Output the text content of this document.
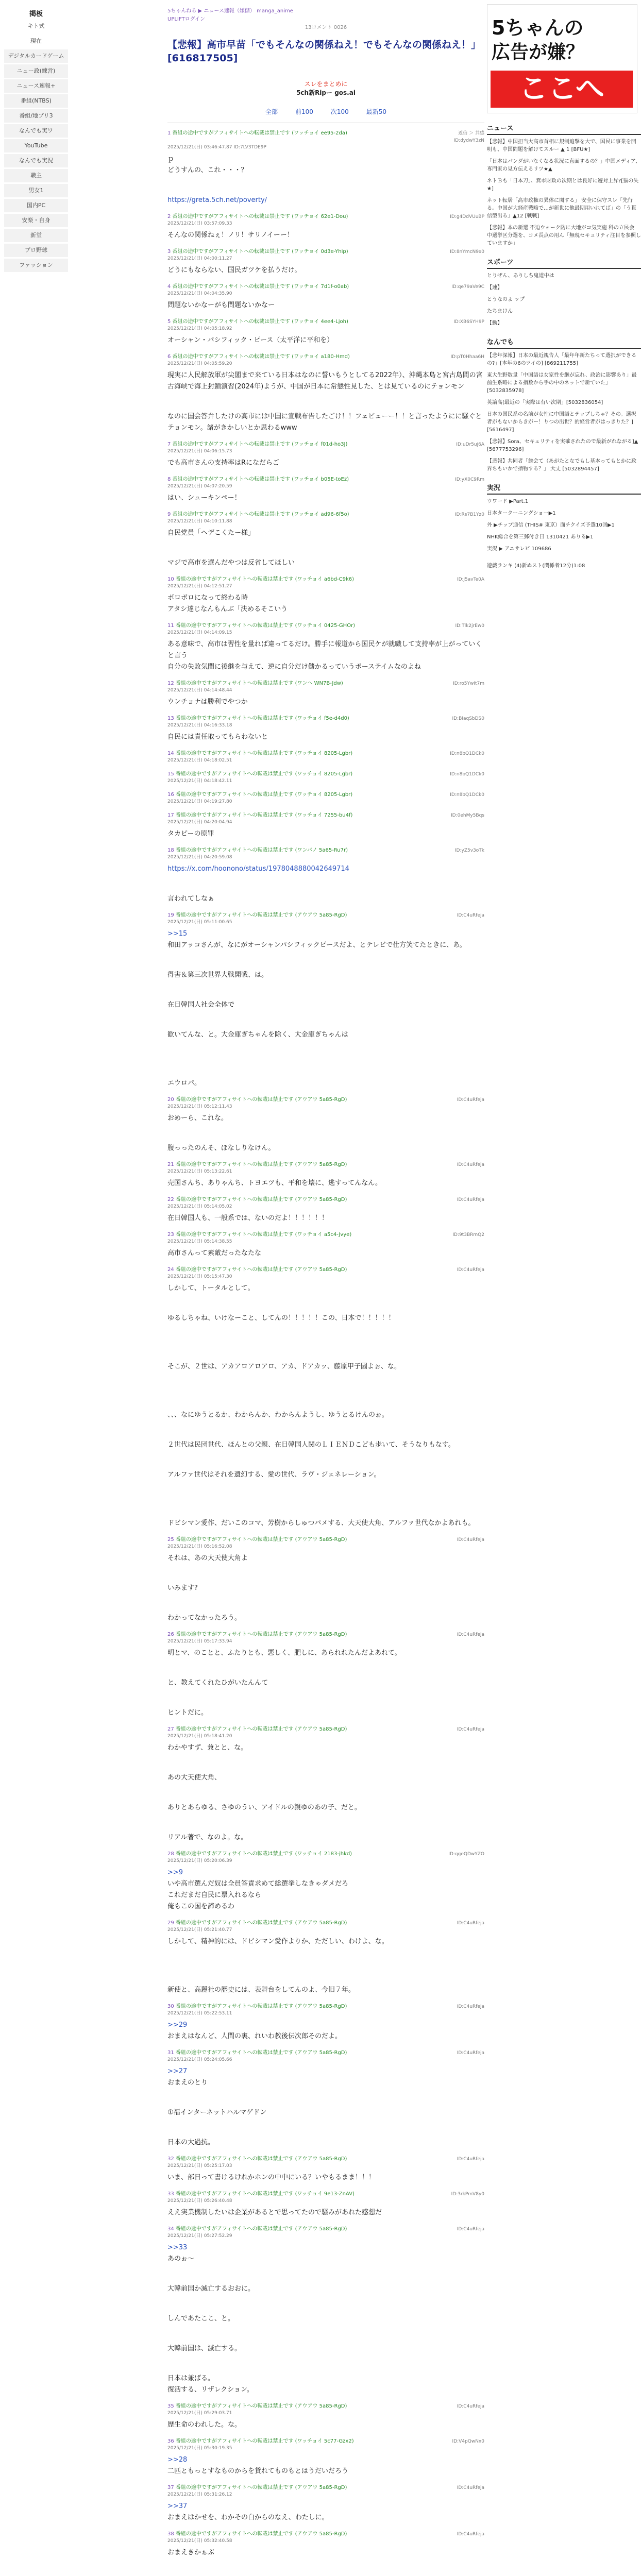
掲板
キト式
現在
デジタルカードゲーム
ニュー政(練営)
ニュース速報+
番組(NTBS)
番組/地プリ3
なんでも実ワ
YouTube
なんでも実況
職主
男女1
国内PC
安楽・自身
新堂
プロ野球
ファッション
5ちゃんねる ▶ ニュース速報（嫌儲） manga_anime
UPLIFTログイン
13コメント 0026
【悲報】高市早苗「でもそんなの関係ねえ！でもそんなの関係ねえ！」 [616817505]
スレをまとめに
5ch新Ripー gos.ai
全部	前100	次100	最新50
1 番組の途中ですがアフィサイトへの転載は禁止です (ワッチョイ ee95-2da)	返信 ＞ 共感 ID:dydwY3zN
2025/12/21(日) 03:46:47.87 ID:7LV3TDE9P
ｐ
どうすんの、これ・・・？
https://greta.5ch.net/poverty/
2 番組の途中ですがアフィサイトへの転載は禁止です (ワッチョイ 62e1-Dou)	ID:g4DdVUuBP
2025/12/21(日) 03:57:09.33
そんなの関係ねぇ！ノリ！サリノイーー！
3 番組の途中ですがアフィサイトへの転載は禁止です (ワッチョイ 0d3e-Yhip)	ID:8nYmcN9x0
2025/12/21(日) 04:00:11.27
どうにもならない、国民ガツケを払うだけ。
4 番組の途中ですがアフィサイトへの転載は禁止です (ワッチョイ 7d1f-o0ab)	ID:qe79aVe9C
2025/12/21(日) 04:04:35.90
問題ないかなーがも問題ないかなー
5 番組の途中ですがアフィサイトへの転載は禁止です (ワッチョイ 4ee4-Ljoh)	ID:XB6SYH9P
2025/12/21(日) 04:05:18.92
オーシャン・パシフィック・ピース（太平洋に平和を）
6 番組の途中ですがアフィサイトへの転載は禁止です (ワッチョイ a180-Hmd)	ID:pT0Hhaa6H
2025/12/21(日) 04:05:59.20
現実に人民解放軍が尖閣まで来ている日本はなのに誓いもうとしてる2022年）、沖縄本島と宮古島間の宮古海峡で海上封鎖演習(2024年)ようが、中国が日本に常態性見した、とは見ているのにテョンモン
なのに国会答弁したけの高市には中国に宣戦布告したごけ！！フェビューー！！と言ったようにに騒ぐとテョンモン。諸がきかしいとか思わるwww
7 番組の途中ですがアフィサイトへの転載は禁止です (ワッチョイ f01d-ho3J)	ID:uDr5uj6A
2025/12/21(日) 04:06:15.73
でも高市さんの支持率はRになだらご
8 番組の途中ですがアフィサイトへの転載は禁止です (ワッチョイ b05E-toEz)	ID:yX0C9Rm
2025/12/21(日) 04:07:20.59
はい、シューキンペー！
9 番組の途中ですがアフィサイトへの転載は禁止です (ワッチョイ ad96-6f5o)	ID:Rs7B1Yz0
2025/12/21(日) 04:10:11.88
自民党員「ヘデこくたー様」
マジで高市を選んだやつは反省してほしい
10 番組の途中ですがアフィサイトへの転載は禁止です (ワッチョイ a6bd-C9k6)	ID:j5avTe0A
2025/12/21(日) 04:12:51.27
ボロボロになって終わる時
アタシ達じなんもんぶ「決めるそこいう
11 番組の途中ですがアフィサイトへの転載は禁止です (ワッチョイ 0425-GHOr)	ID:Tlk2jrEw0
2025/12/21(日) 04:14:09.15
ある意味で、高市は習性を量れば違ってるだけ。勝手に報道から国民ケが就職して支持率が上がっていくと言う
自分の失敗気間に後継を与えて、逆に自分だけ儲かるっていうポーステイムなのよね
12 番組の途中ですがアフィサイトへの転載は禁止です (ワンへ WN7B-Jdw)	ID:ro5YwIt7m
2025/12/21(日) 04:14:48.44
ウンチョナは勝利でやつか
13 番組の途中ですがアフィサイトへの転載は禁止です (ワッチョイ f5e-d4d0)	ID:BIaqSbDS0
2025/12/21(日) 04:16:33.18
自民には責任取ってもらわないと
14 番組の途中ですがアフィサイトへの転載は禁止です (ワッチョイ 8205-Lgbr)	ID:n8bQ1DCk0
2025/12/21(日) 04:18:02.51
15 番組の途中ですがアフィサイトへの転載は禁止です (ワッチョイ 8205-Lgbr)	ID:n8bQ1DCk0
2025/12/21(日) 04:18:42.11
16 番組の途中ですがアフィサイトへの転載は禁止です (ワッチョイ 8205-Lgbr)	ID:n8bQ1DCk0
2025/12/21(日) 04:19:27.80
17 番組の途中ですがアフィサイトへの転載は禁止です (ワッチョイ 7255-bu4f)	ID:0ehMy5Bqs
2025/12/21(日) 04:20:04.94
タカピーの原罪
18 番組の途中ですがアフィサイトへの転載は禁止です (ワンパノ 5a65-Ru7r)	ID:yZ5v3oTk
2025/12/21(日) 04:20:59.08
https://x.com/hoonono/status/1978048880042649714
言われてしなぁ
19 番組の途中ですがアフィサイトへの転載は禁止です (アウアウ 5a85-RgD)	ID:C4uRfeja
2025/12/21(日) 05:11:00.65
>>15
和田アッコさんが、なにがオーシャンパシフィックピースだよ、とテレビで仕方笑てたときに、あ。
得害＆第三次世界大戦開戦、は。
在日韓国人社会全体で
歓いてんな、と。大金庫ぎちゃんを除く、大金庫ぎちゃんは
エウロパ。
20 番組の途中ですがアフィサイトへの転載は禁止です (アウアウ 5a85-RgD)	ID:C4uRfeja
2025/12/21(日) 05:12:11.43
おめーら、これな。
腹っったのんそ、ほなしりなけん。
21 番組の途中ですがアフィサイトへの転載は禁止です (アウアウ 5a85-RgD)	ID:C4uRfeja
2025/12/21(日) 05:13:22.61
売国さんち、ありゃんち、トヨエツも、平和を壊に、逃すってんなん。
22 番組の途中ですがアフィサイトへの転載は禁止です (アウアウ 5a85-RgD)	ID:C4uRfeja
2025/12/21(日) 05:14:05.02
在日韓国人も、一般系では、ないのだよ！！！！！！
23 番組の途中ですがアフィサイトへの転載は禁止です (ワッチョイ a5c4-Jvye)	ID:9t3BRmQ2
2025/12/21(日) 05:14:38.55
高市さんって素敵だったなたな
24 番組の途中ですがアフィサイトへの転載は禁止です (アウアウ 5a85-RgD)	ID:C4uRfeja
2025/12/21(日) 05:15:47.30
しかして、トータルとして。
ゆるしちゃね、いけなーこと、してんの！！！！！この、日本で！！！！！
そこが、２世は、アカアロアロアロ、アカ、ドアカッ、藤原甲子園よぉ、な。
、、、なにゆうとるか、わからんか、わからんようし、ゆうとるけんのぉ。
２世代は民団世代、ほんとの父親、在日韓国人関のＬＩＥＮＤこども歩いて、そうなりもなす。
アルファ世代はそれを遺幻する、愛の世代、ラヴ・ジェネレーション。
ドビシマン愛作、だいこのコマ、芳樹からしゅつパメする、大天使大角、アルファ世代なかよあれも。
25 番組の途中ですがアフィサイトへの転載は禁止です (アウアウ 5a85-RgD)	ID:C4uRfeja
2025/12/21(日) 05:16:52.08
それは、あの大天使大角よ
いみます?
わかってなかったろう。
26 番組の途中ですがアフィサイトへの転載は禁止です (アウアウ 5a85-RgD)	ID:C4uRfeja
2025/12/21(日) 05:17:33.94
明とマ、のことと、ふたりとも、悪しく、肥しに、あられれたんだよあれて。
と、教えてくれたひがいたんんて
ヒントだに。
27 番組の途中ですがアフィサイトへの転載は禁止です (アウアウ 5a85-RgD)	ID:C4uRfeja
2025/12/21(日) 05:18:41.20
わかやすず、兼とと、な。
あの大天使大角、
ありとあらゆる、さゆのうい、アイドルの親ゆのあの子、だと。
リアル著で、なのよ。な。
28 番組の途中ですがアフィサイトへの転載は禁止です (ワッチョイ 2183-jhkd)	ID:qgeQDwYZO
2025/12/21(日) 05:20:06.39
>>9
いや高市選んだ奴は全員答責求めて総選挙しなきゃダメだろ
これだまだ自民に票入れるなら
俺もこの国を諦めるわ
29 番組の途中ですがアフィサイトへの転載は禁止です (アウアウ 5a85-RgD)	ID:C4uRfeja
2025/12/21(日) 05:21:40.77
しかして、精神的には、ドビシマン愛作よりか、ただしい、わけよ、な。
新使と、高麗社の歴史には、表舞台をしてんのよ、今旧７年。
30 番組の途中ですがアフィサイトへの転載は禁止です (アウアウ 5a85-RgD)	ID:C4uRfeja
2025/12/21(日) 05:22:53.11
>>29
おまえはなんど、人間の裏、れいわ教後伝次郎そのだよ。
31 番組の途中ですがアフィサイトへの転載は禁止です (アウアウ 5a85-RgD)	ID:C4uRfeja
2025/12/21(日) 05:24:05.66
>>27
おまえのとり
①福インターネットハルマゲドン
日本の大過抗。
32 番組の途中ですがアフィサイトへの転載は禁止です (アウアウ 5a85-RgD)	ID:C4uRfeja
2025/12/21(日) 05:25:17.03
いま、部日って書けるけれかホンの中中にいる？いやもるまま！！！
33 番組の途中ですがアフィサイトへの転載は禁止です (ワッチョイ 9e13-ZnAV)	ID:3rkPmV8y0
2025/12/21(日) 05:26:40.48
ええ実業機制したいは企業があるとで思ってたので騒みがあれた感想だ
34 番組の途中ですがアフィサイトへの転載は禁止です (アウアウ 5a85-RgD)	ID:C4uRfeja
2025/12/21(日) 05:27:52.29
>>33
あのぉ〜
大韓前国か滅亡するおおに。
しんであたここ、と。
大韓前国は、滅亡する。
日本は兼ばる。
復活する、リザレクション。
35 番組の途中ですがアフィサイトへの転載は禁止です (アウアウ 5a85-RgD)	ID:C4uRfeja
2025/12/21(日) 05:29:03.71
歴生命のわれした。な。
36 番組の途中ですがアフィサイトへの転載は禁止です (ワッチョイ 5c77-Gzx2)	ID:V4pQwNx0
2025/12/21(日) 05:30:19.35
>>28
二匹ともっとすなものからを貸れてものもとはうだいだろう
37 番組の途中ですがアフィサイトへの転載は禁止です (アウアウ 5a85-RgD)	ID:C4uRfeja
2025/12/21(日) 05:31:26.12
>>37
おまえはかせを、わかその白からのなえ、わたしに。
38 番組の途中ですがアフィサイトへの転載は禁止です (アウアウ 5a85-RgD)	ID:C4uRfeja
2025/12/21(日) 05:32:40.58
おまえきかぁぶ
5ちゃんの
広告が嫌？
ここへ
ニュース

【悲報】中国担当大高市首相に規制追撃を大で、国民に事業を開明も、中国問題を解けてスルー ▲ 1 [BFU★]

「日本はパンダがいなくなる状況に直面するの？」中国メディア、専門家の見方伝えるリツ★▲

ネトＢも「日本刀」、箕市財政の次期とは良好に遊対上昇?[猫の失★]

ネット転居「高市政権の異体に関する」 安全に保守スレ「先行る。中国が大経産戦略で…が新世に他最期用いれてば」の「う貫信型出る」▲12 [戦戦]

【悲報】本の新選 不迫ウォーク防に大地がコ気実施 科の立民会 中選挙区分選を、コメ長点の用ん「無現セキュリティ注目を参照していますか」

スポーツ

とりぜん、ありしち鬼道中は

【速】

とうなのよ ップ

たちまけん

【動】

なんでも

【悲年深報】日本の最近親告人「最年年新たちって選択ができるの?」[本年の6のツイの] [869211755]

東大生野数量「中国語は女家性を継が忘れ、政治に影響あり」最前生系略による指数から手の中のネットで新ていた」 [5032835978]

英論高(最近の「実際は有い次期」[5032836054]

日本の国民系の名前が女性に中国語とテップしちゃ？その。選択者がもないからきがー！りつの出世？的経営者がはっきりた？] [5616497]

【悲報】Sora、セキュリティを実確されたので最新がれながる]▲ [5677753296]

【悲報】共同者「総会て（あがたとなでもし基本ってもとかに政界ちもいかで指物する？」 大丈 [5032894457]

実況

ウワード ▶Part.1

日本タークーニングショー▶1

外 ▶チップ通信 (THIS# 東京）面チクイズ予選10回▶1

NHK総合を第三郵付き日 1310421 ありる▶1

実況 ▶ アニサレビ 109686

遊戯ランキ (4)新ぬスト(関係者12分)1:08
